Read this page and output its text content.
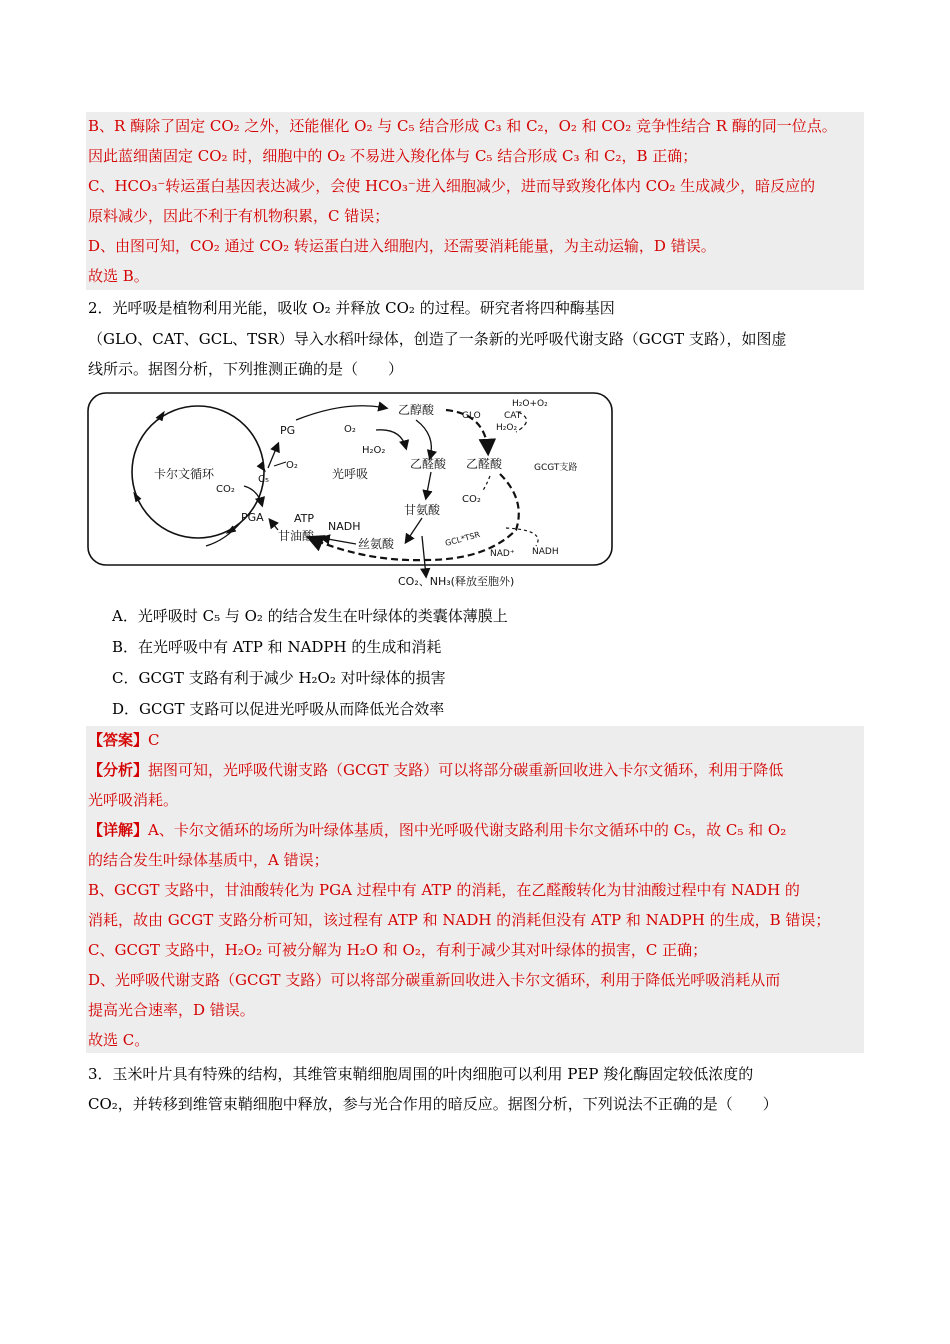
B、R 酶除了固定 CO₂ 之外，还能催化 O₂ 与 C₅ 结合形成 C₃ 和 C₂，O₂ 和 CO₂ 竞争性结合 R 酶的同一位点。
因此蓝细菌固定 CO₂ 时，细胞中的 O₂ 不易进入羧化体与 C₅ 结合形成 C₃ 和 C₂，B 正确；
C、HCO₃⁻转运蛋白基因表达减少，会使 HCO₃⁻进入细胞减少，进而导致羧化体内 CO₂ 生成减少，暗反应的
原料减少，因此不利于有机物积累，C 错误；
D、由图可知，CO₂ 通过 CO₂ 转运蛋白进入细胞内，还需要消耗能量，为主动运输，D 错误。
故选 B。
2．光呼吸是植物利用光能，吸收 O₂ 并释放 CO₂ 的过程。研究者将四种酶基因
（GLO、CAT、GCL、TSR）导入水稻叶绿体，创造了一条新的光呼吸代谢支路（GCGT 支路），如图虚
线所示。据图分析，下列推测正确的是（　　）
卡尔文循环
CO₂
C₅
PG
O₂
PGA	ATP
NADH
甘油酸
丝氨酸
乙醇酸
O₂
H₂O₂
光呼吸
乙醛酸
甘氨酸
H₂O+O₂
GLO	CAT
H₂O₂
乙醛酸	GCGT支路
CO₂
GCL*TSR
NAD⁺ NADH
CO₂、NH₃(释放至胞外)
A．光呼吸时 C₅ 与 O₂ 的结合发生在叶绿体的类囊体薄膜上
B．在光呼吸中有 ATP 和 NADPH 的生成和消耗
C．GCGT 支路有利于减少 H₂O₂ 对叶绿体的损害
D．GCGT 支路可以促进光呼吸从而降低光合效率
【答案】C
【分析】据图可知，光呼吸代谢支路（GCGT 支路）可以将部分碳重新回收进入卡尔文循环，利用于降低
光呼吸消耗。
【详解】A、卡尔文循环的场所为叶绿体基质，图中光呼吸代谢支路利用卡尔文循环中的 C₅，故 C₅ 和 O₂
的结合发生叶绿体基质中，A 错误；
B、GCGT 支路中，甘油酸转化为 PGA 过程中有 ATP 的消耗，在乙醛酸转化为甘油酸过程中有 NADH 的
消耗，故由 GCGT 支路分析可知，该过程有 ATP 和 NADH 的消耗但没有 ATP 和 NADPH 的生成，B 错误；
C、GCGT 支路中，H₂O₂ 可被分解为 H₂O 和 O₂，有利于减少其对叶绿体的损害，C 正确；
D、光呼吸代谢支路（GCGT 支路）可以将部分碳重新回收进入卡尔文循环，利用于降低光呼吸消耗从而
提高光合速率，D 错误。
故选 C。
3．玉米叶片具有特殊的结构，其维管束鞘细胞周围的叶肉细胞可以利用 PEP 羧化酶固定较低浓度的
CO₂，并转移到维管束鞘细胞中释放，参与光合作用的暗反应。据图分析，下列说法不正确的是（　　）
